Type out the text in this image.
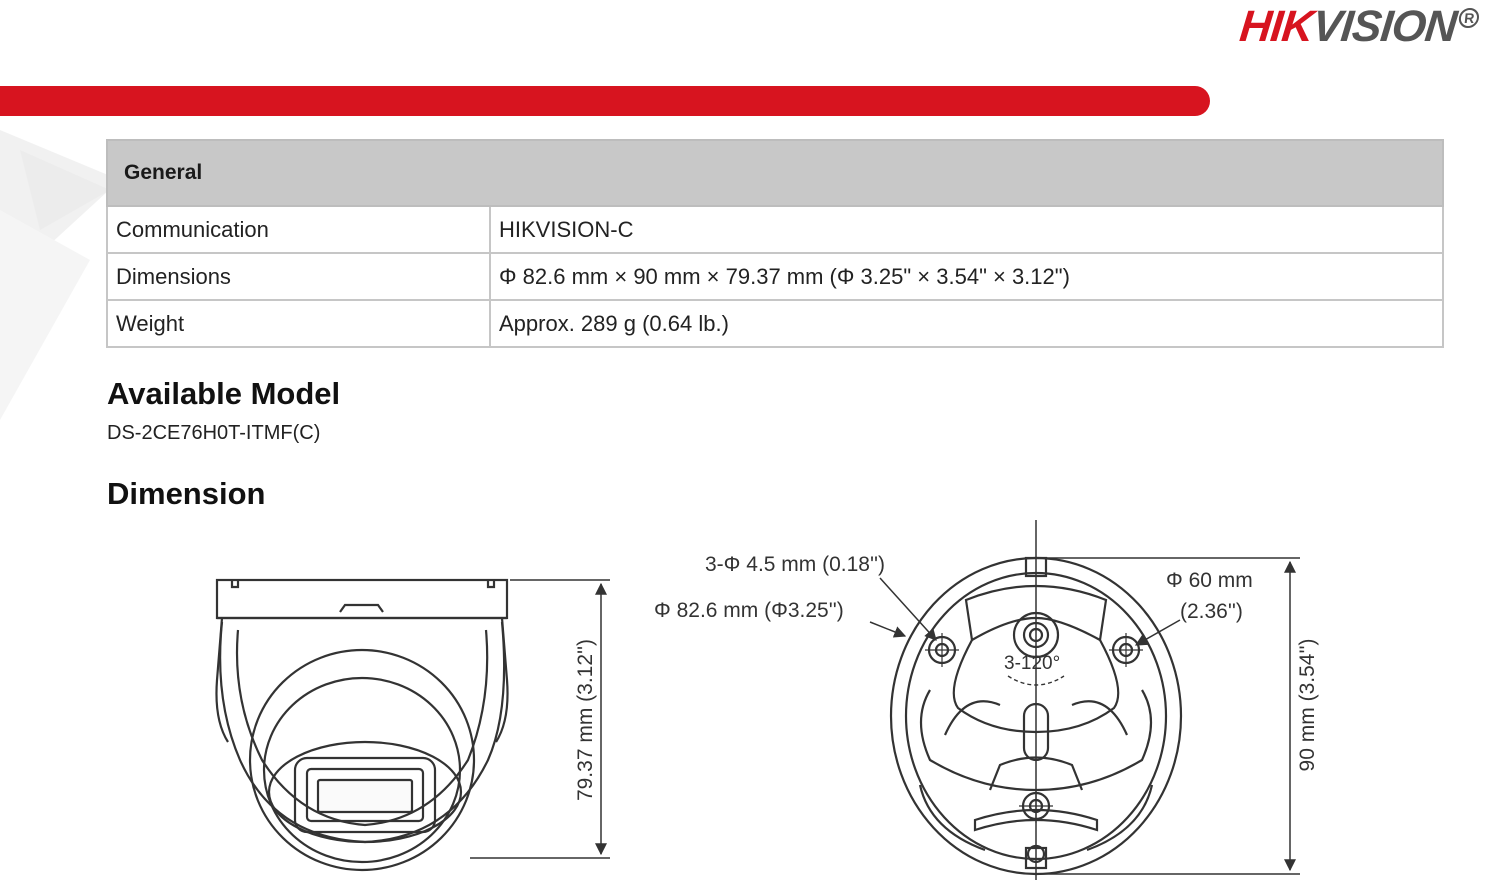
HIKVISION R
General	
Communication	HIKVISION-C
Dimensions	Φ 82.6 mm × 90 mm × 79.37 mm (Φ 3.25" × 3.54" × 3.12")
Weight	Approx. 289 g (0.64 lb.)
Available Model
DS-2CE76H0T-ITMF(C)
Dimension
79.37 mm (3.12'')
3-Φ 4.5 mm (0.18'')
Φ 82.6 mm (Φ3.25'')
Φ 60 mm
(2.36'')
3-120°	90 mm (3.54'')
